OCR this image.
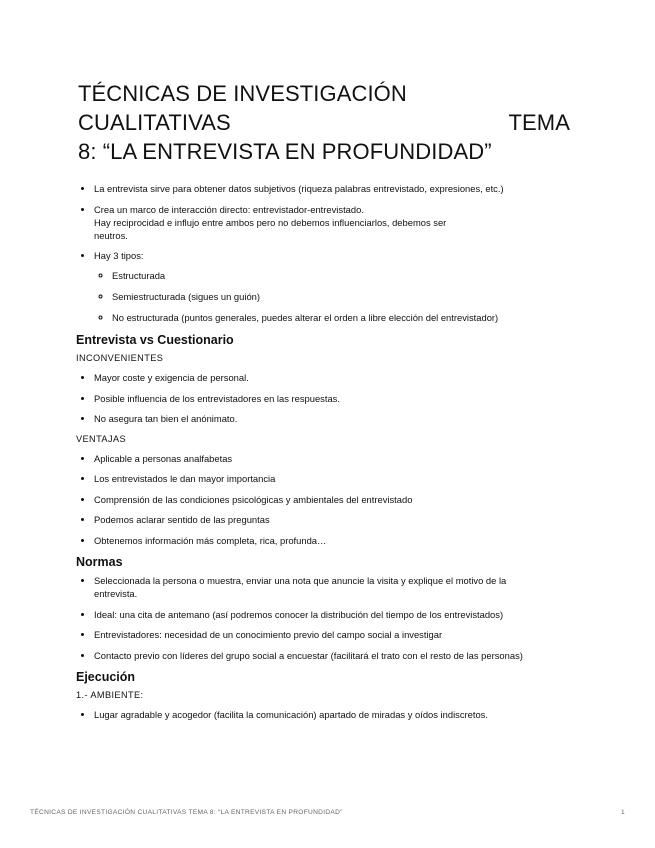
TÉCNICAS DE INVESTIGACIÓN
CUALITATIVAS	TEMA
8: “LA ENTREVISTA EN PROFUNDIDAD”
• La entrevista sirve para obtener datos subjetivos (riqueza palabras entrevistado, expresiones, etc.)
• Crea un marco de interacción directo: entrevistador-entrevistado.
Hay reciprocidad e influjo entre ambos pero no debemos influenciarlos, debemos ser
neutros.
• Hay 3 tipos:
◦ Estructurada
◦ Semiestructurada (sigues un guión)
◦ No estructurada (puntos generales, puedes alterar el orden a libre elección del entrevistador)
Entrevista vs Cuestionario
INCONVENIENTES
• Mayor coste y exigencia de personal.
• Posible influencia de los entrevistadores en las respuestas.
• No asegura tan bien el anónimato.
VENTAJAS
• Aplicable a personas analfabetas
• Los entrevistados le dan mayor importancia
• Comprensión de las condiciones psicológicas y ambientales del entrevistado
• Podemos aclarar sentido de las preguntas
• Obtenemos información más completa, rica, profunda…
Normas
• Seleccionada la persona o muestra, enviar una nota que anuncie la visita y explique el motivo de la entrevista.
• Ideal: una cita de antemano (así podremos conocer la distribución del tiempo de los entrevistados)
• Entrevistadores: necesidad de un conocimiento previo del campo social a investigar
• Contacto previo con líderes del grupo social a encuestar (facilitará el trato con el resto de las personas)
Ejecución
1.- AMBIENTE:
• Lugar agradable y acogedor (facilita la comunicación) apartado de miradas y oídos indiscretos.
TÉCNICAS DE INVESTIGACIÓN CUALITATIVAS TEMA 8: “LA ENTREVISTA EN PROFUNDIDAD”	1
